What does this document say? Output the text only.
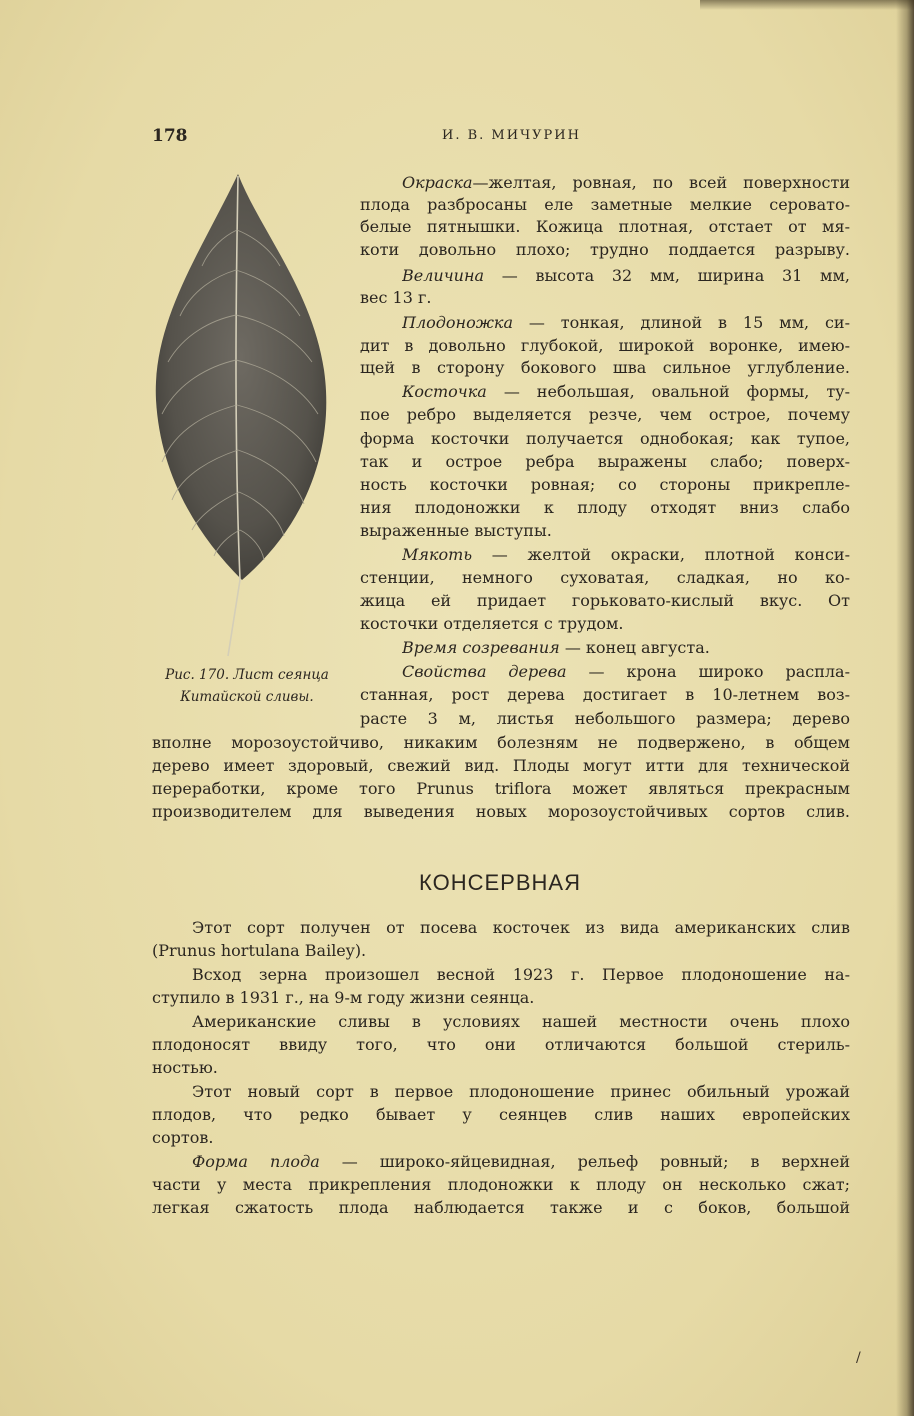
178	И. В. МИЧУРИН
Рис. 170. Лист сеянца
Китайской сливы.
Окраска—желтая, ровная, по всей поверхности
плода разбросаны еле заметные мелкие серовато-
белые пятнышки. Кожица плотная, отстает от мя-
коти довольно плохо; трудно поддается разрыву.
Величина — высота 32 мм, ширина 31 мм,
вес 13 г.
Плодоножка — тонкая, длиной в 15 мм, си-
дит в довольно глубокой, широкой воронке, имею-
щей в сторону бокового шва сильное углубление.
Косточка — небольшая, овальной формы, ту-
пое ребро выделяется резче, чем острое, почему
форма косточки получается однобокая; как тупое,
так и острое ребра выражены слабо; поверх-
ность косточки ровная; со стороны прикрепле-
ния плодоножки к плоду отходят вниз слабо
выраженные выступы.
Мякоть — желтой окраски, плотной конси-
стенции, немного суховатая, сладкая, но ко-
жица ей придает горьковато-кислый вкус. От
косточки отделяется с трудом.
Время созревания — конец августа.
Свойства дерева — крона широко распла-
станная, рост дерева достигает в 10-летнем воз-
расте 3 м, листья небольшого размера; дерево
вполне морозоустойчиво, никаким болезням не подвержено, в общем
дерево имеет здоровый, свежий вид. Плоды могут итти для технической
переработки, кроме того Prunus triflora может являться прекрасным
производителем для выведения новых морозоустойчивых сортов слив.
КОНСЕРВНАЯ
Этот сорт получен от посева косточек из вида американских слив
(Prunus hortulana Bailey).
Всход зерна произошел весной 1923 г. Первое плодоношение на-
ступило в 1931 г., на 9-м году жизни сеянца.
Американские сливы в условиях нашей местности очень плохо
плодоносят ввиду того, что они отличаются большой стериль-
ностью.
Этот новый сорт в первое плодоношение принес обильный урожай
плодов, что редко бывает у сеянцев слив наших европейских
сортов.
Форма плода — широко-яйцевидная, рельеф ровный; в верхней
части у места прикрепления плодоножки к плоду он несколько сжат;
легкая сжатость плода наблюдается также и с боков, большой
/
